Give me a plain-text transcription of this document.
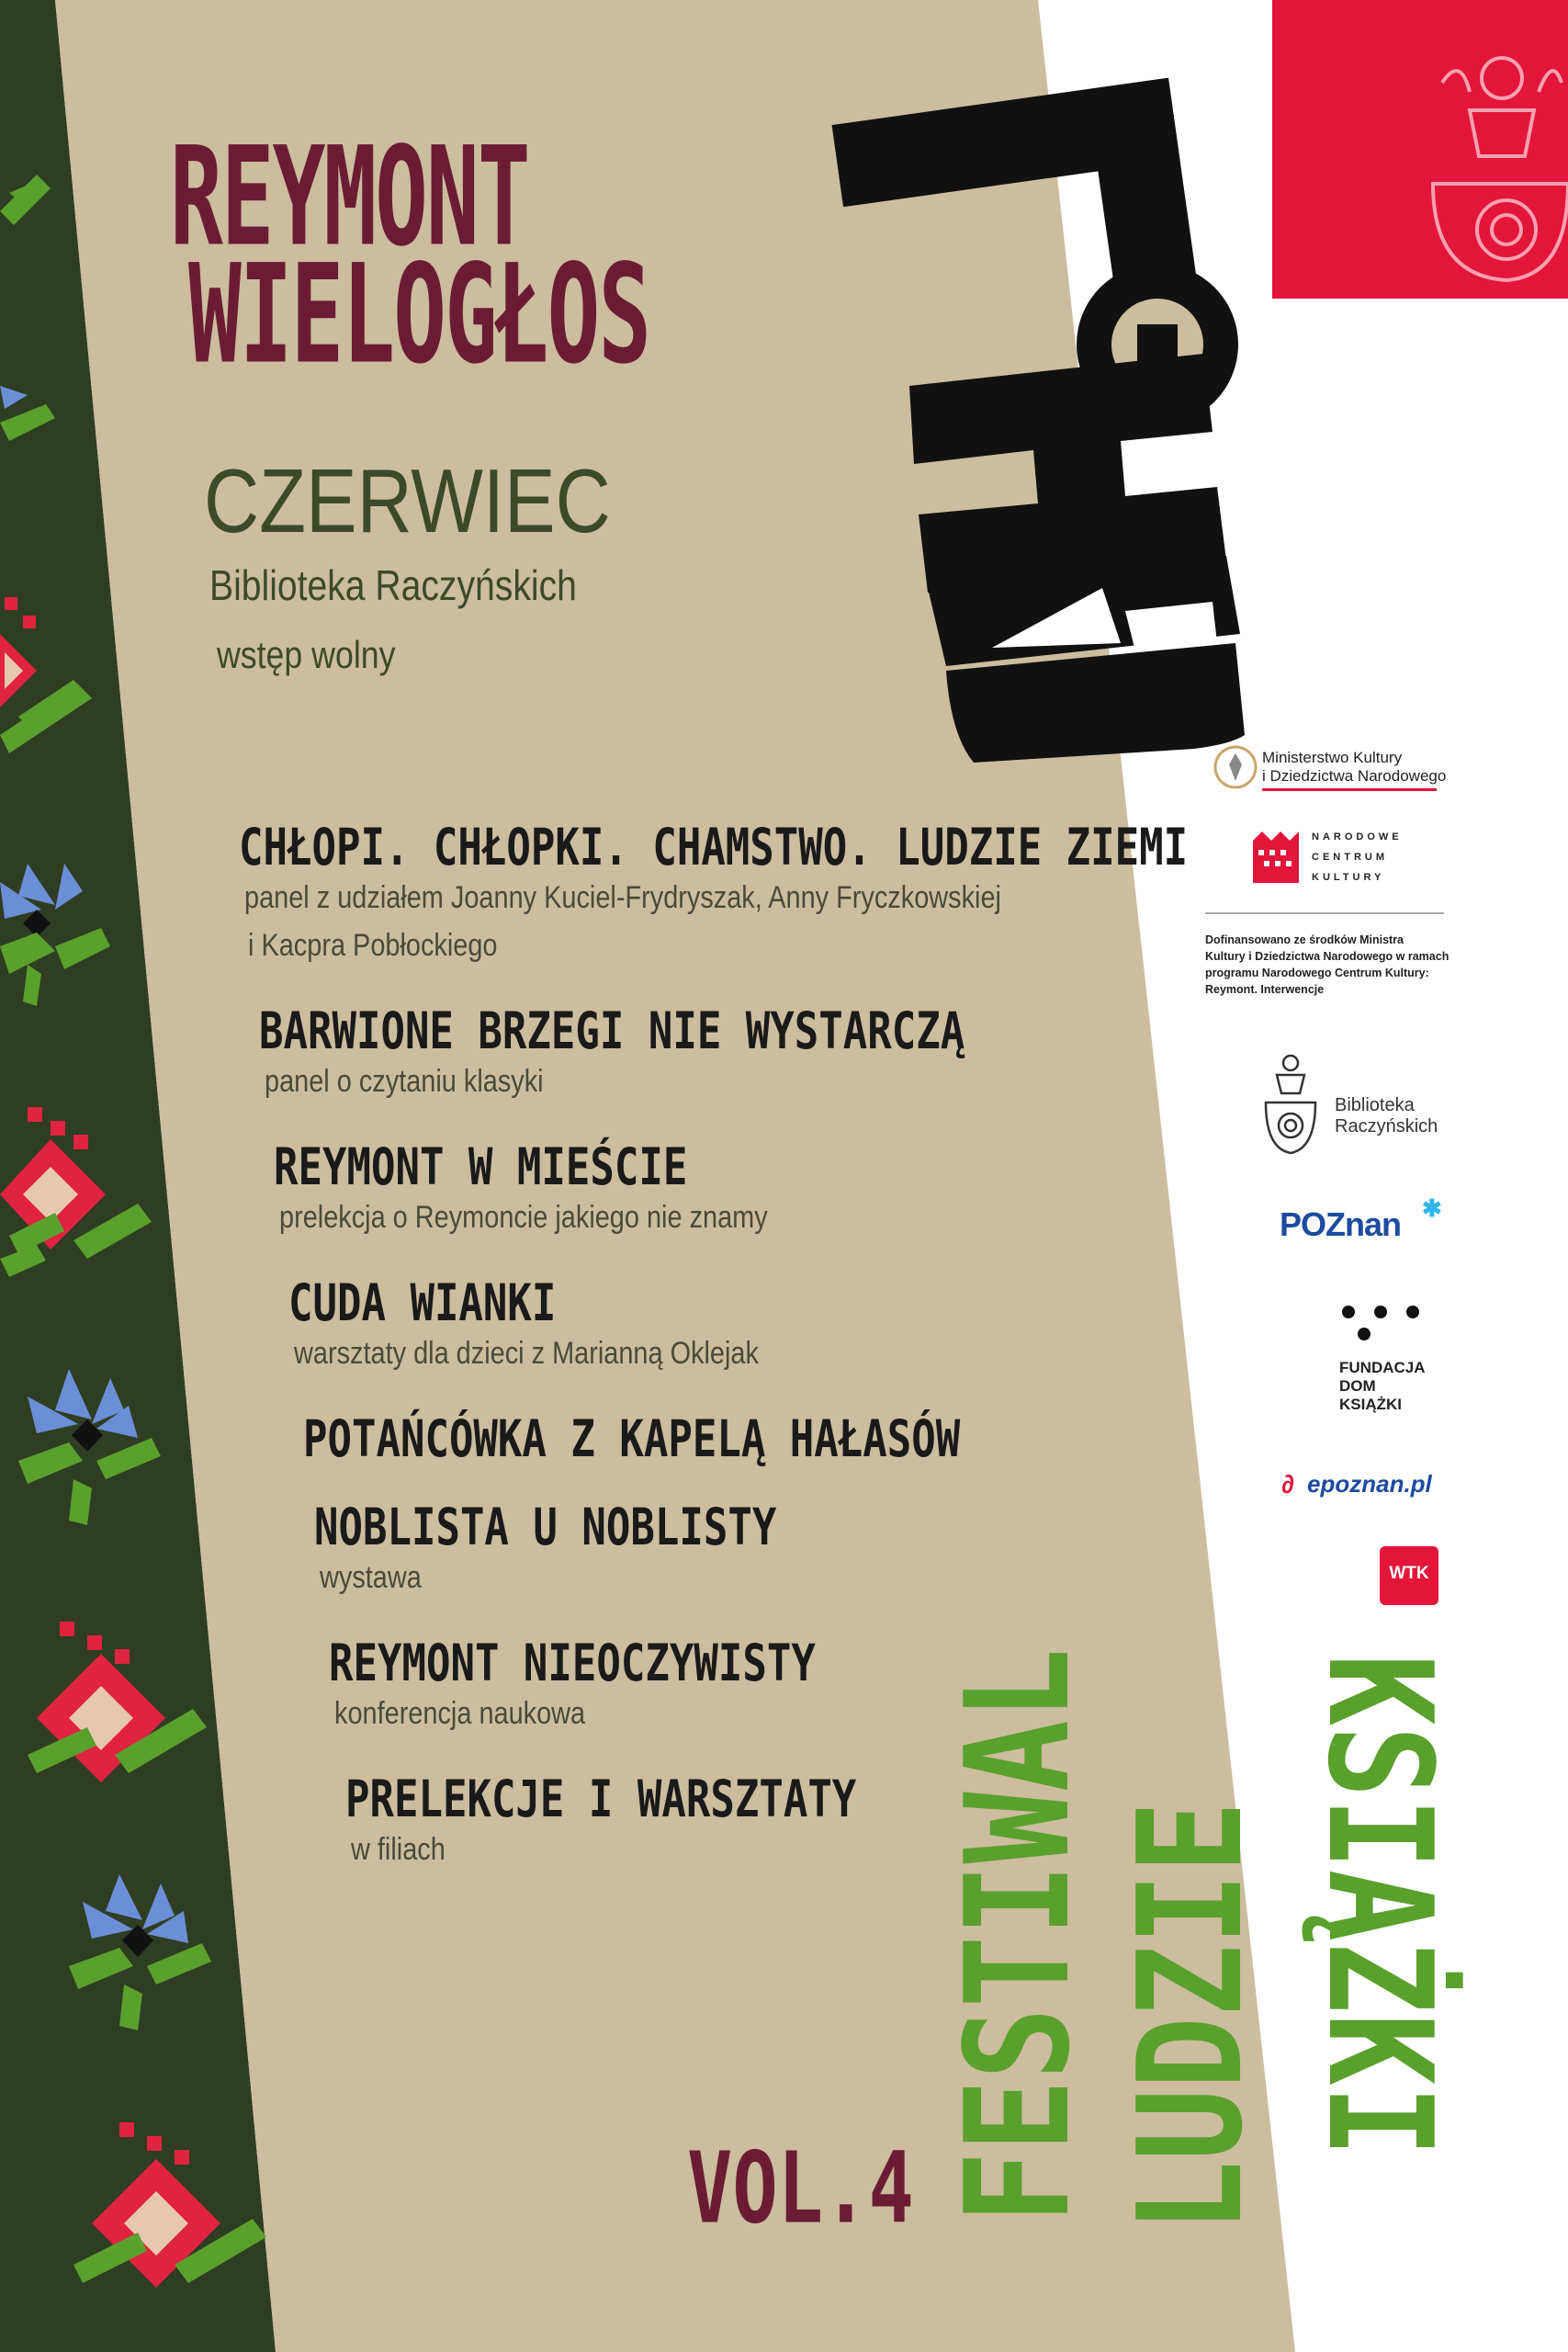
REYMONT
WIELOGŁOS
CZERWIEC
Biblioteka Raczyńskich
wstęp wolny
CHŁOPI. CHŁOPKI. CHAMSTWO. LUDZIE ZIEMI
panel z udziałem Joanny Kuciel-Frydryszak, Anny Fryczkowskiej
i Kacpra Pobłockiego
BARWIONE BRZEGI NIE WYSTARCZĄ
panel o czytaniu klasyki
REYMONT W MIEŚCIE
prelekcja o Reymoncie jakiego nie znamy
CUDA WIANKI
warsztaty dla dzieci z Marianną Oklejak
POTAŃCÓWKA Z KAPELĄ HAŁASÓW
NOBLISTA U NOBLISTY
wystawa
REYMONT NIEOCZYWISTY
konferencja naukowa
PRELEKCJE I WARSZTATY
w filiach
VOL.4 FESTIWAL LUDZIE KSIĄŻKI
Ministerstwo Kultury
i Dziedzictwa Narodowego
NARODOWE
CENTRUM
KULTURY
Dofinansowano ze środków Ministra
Kultury i Dziedzictwa Narodowego w ramach
programu Narodowego Centrum Kultury:
Reymont. Interwencje
Biblioteka
Raczyńskich
POZnan ✱
FUNDACJA
DOM
KSIĄŻKI
∂ epoznan.pl
WTK
